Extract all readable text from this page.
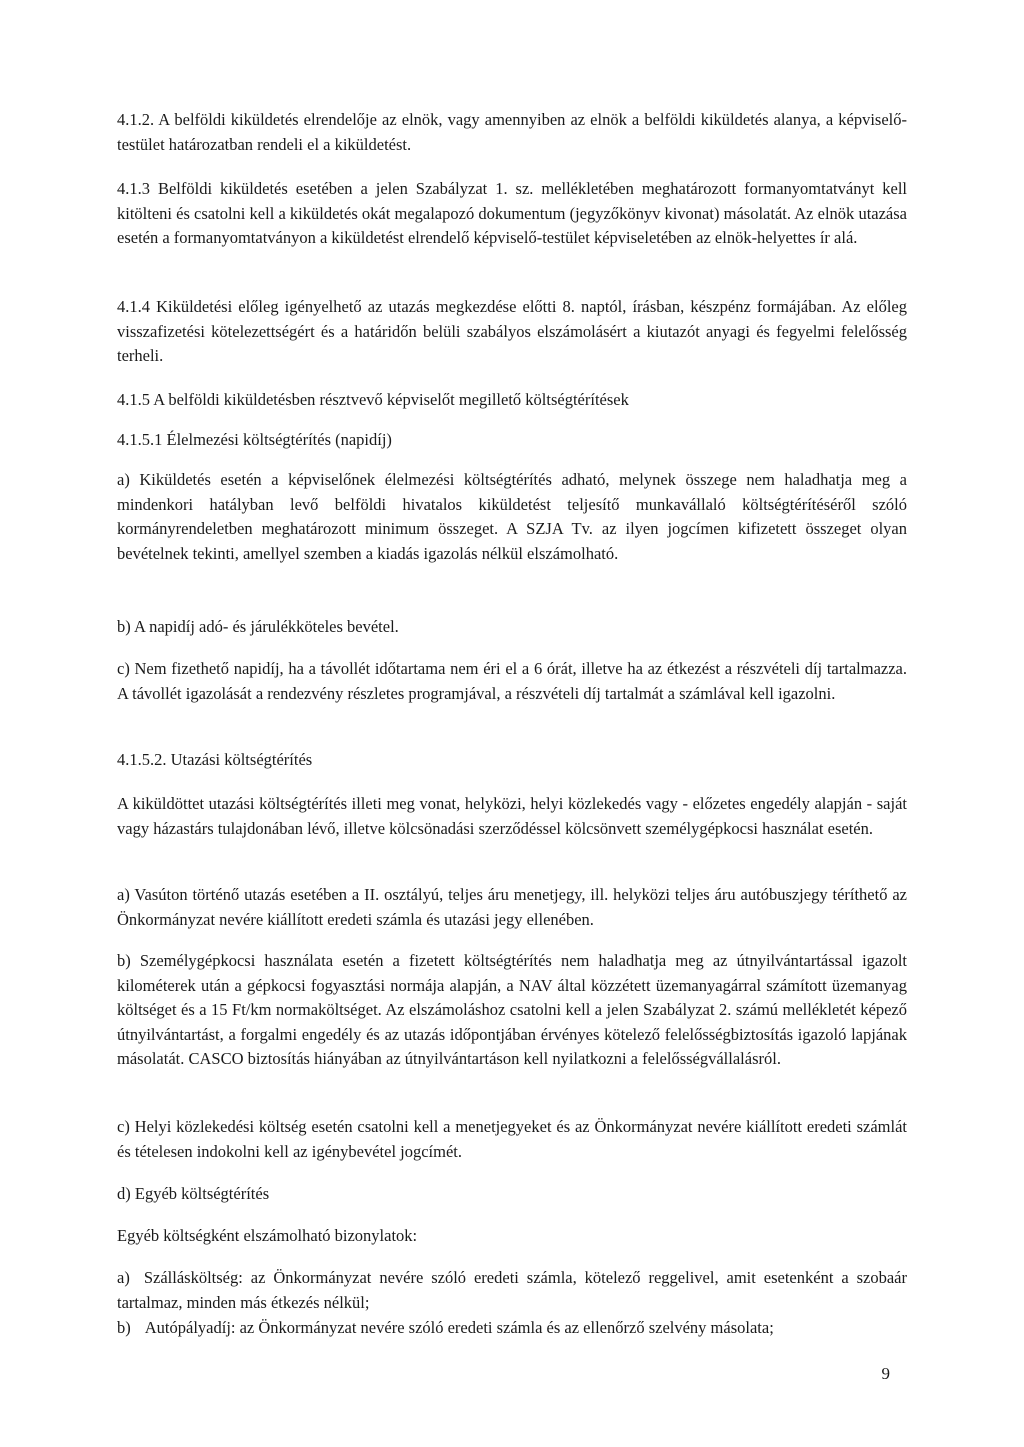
4.1.2. A belföldi kiküldetés elrendelője az elnök, vagy amennyiben az elnök a belföldi kiküldetés alanya, a képviselő-testület határozatban rendeli el a kiküldetést.

4.1.3 Belföldi kiküldetés esetében a jelen Szabályzat 1. sz. mellékletében meghatározott formanyomtatványt kell kitölteni és csatolni kell a kiküldetés okát megalapozó dokumentum (jegyzőkönyv kivonat) másolatát. Az elnök utazása esetén a formanyomtatványon a kiküldetést elrendelő képviselő-testület képviseletében az elnök-helyettes ír alá.

4.1.4 Kiküldetési előleg igényelhető az utazás megkezdése előtti 8. naptól, írásban, készpénz formájában. Az előleg visszafizetési kötelezettségért és a határidőn belüli szabályos elszámolásért a kiutazót anyagi és fegyelmi felelősség terheli.

4.1.5 A belföldi kiküldetésben résztvevő képviselőt megillető költségtérítések

4.1.5.1 Élelmezési költségtérítés (napidíj)

a) Kiküldetés esetén a képviselőnek élelmezési költségtérítés adható, melynek összege nem haladhatja meg a mindenkori hatályban levő belföldi hivatalos kiküldetést teljesítő munkavállaló költségtérítéséről szóló kormányrendeletben meghatározott minimum összeget. A SZJA Tv. az ilyen jogcímen kifizetett összeget olyan bevételnek tekinti, amellyel szemben a kiadás igazolás nélkül elszámolható.

b) A napidíj adó- és járulékköteles bevétel.

c) Nem fizethető napidíj, ha a távollét időtartama nem éri el a 6 órát, illetve ha az étkezést a részvételi díj tartalmazza. A távollét igazolását a rendezvény részletes programjával, a részvételi díj tartalmát a számlával kell igazolni.

4.1.5.2. Utazási költségtérítés

A kiküldöttet utazási költségtérítés illeti meg vonat, helyközi, helyi közlekedés vagy - előzetes engedély alapján - saját vagy házastárs tulajdonában lévő, illetve kölcsönadási szerződéssel kölcsönvett személygépkocsi használat esetén.

a) Vasúton történő utazás esetében a II. osztályú, teljes áru menetjegy, ill. helyközi teljes áru autóbuszjegy téríthető az Önkormányzat nevére kiállított eredeti számla és utazási jegy ellenében.

b) Személygépkocsi használata esetén a fizetett költségtérítés nem haladhatja meg az útnyilvántartással igazolt kilométerek után a gépkocsi fogyasztási normája alapján, a NAV által közzétett üzemanyagárral számított üzemanyag költséget és a 15 Ft/km normaköltséget. Az elszámoláshoz csatolni kell a jelen Szabályzat 2. számú mellékletét képező útnyilvántartást, a forgalmi engedély és az utazás időpontjában érvényes kötelező felelősségbiztosítás igazoló lapjának másolatát. CASCO biztosítás hiányában az útnyilvántartáson kell nyilatkozni a felelősségvállalásról.

c) Helyi közlekedési költség esetén csatolni kell a menetjegyeket és az Önkormányzat nevére kiállított eredeti számlát és tételesen indokolni kell az igénybevétel jogcímét.

d) Egyéb költségtérítés

Egyéb költségként elszámolható bizonylatok:

a) Szállásköltség: az Önkormányzat nevére szóló eredeti számla, kötelező reggelivel, amit esetenként a szobaár tartalmaz, minden más étkezés nélkül;

b) Autópályadíj: az Önkormányzat nevére szóló eredeti számla és az ellenőrző szelvény másolata;

9
